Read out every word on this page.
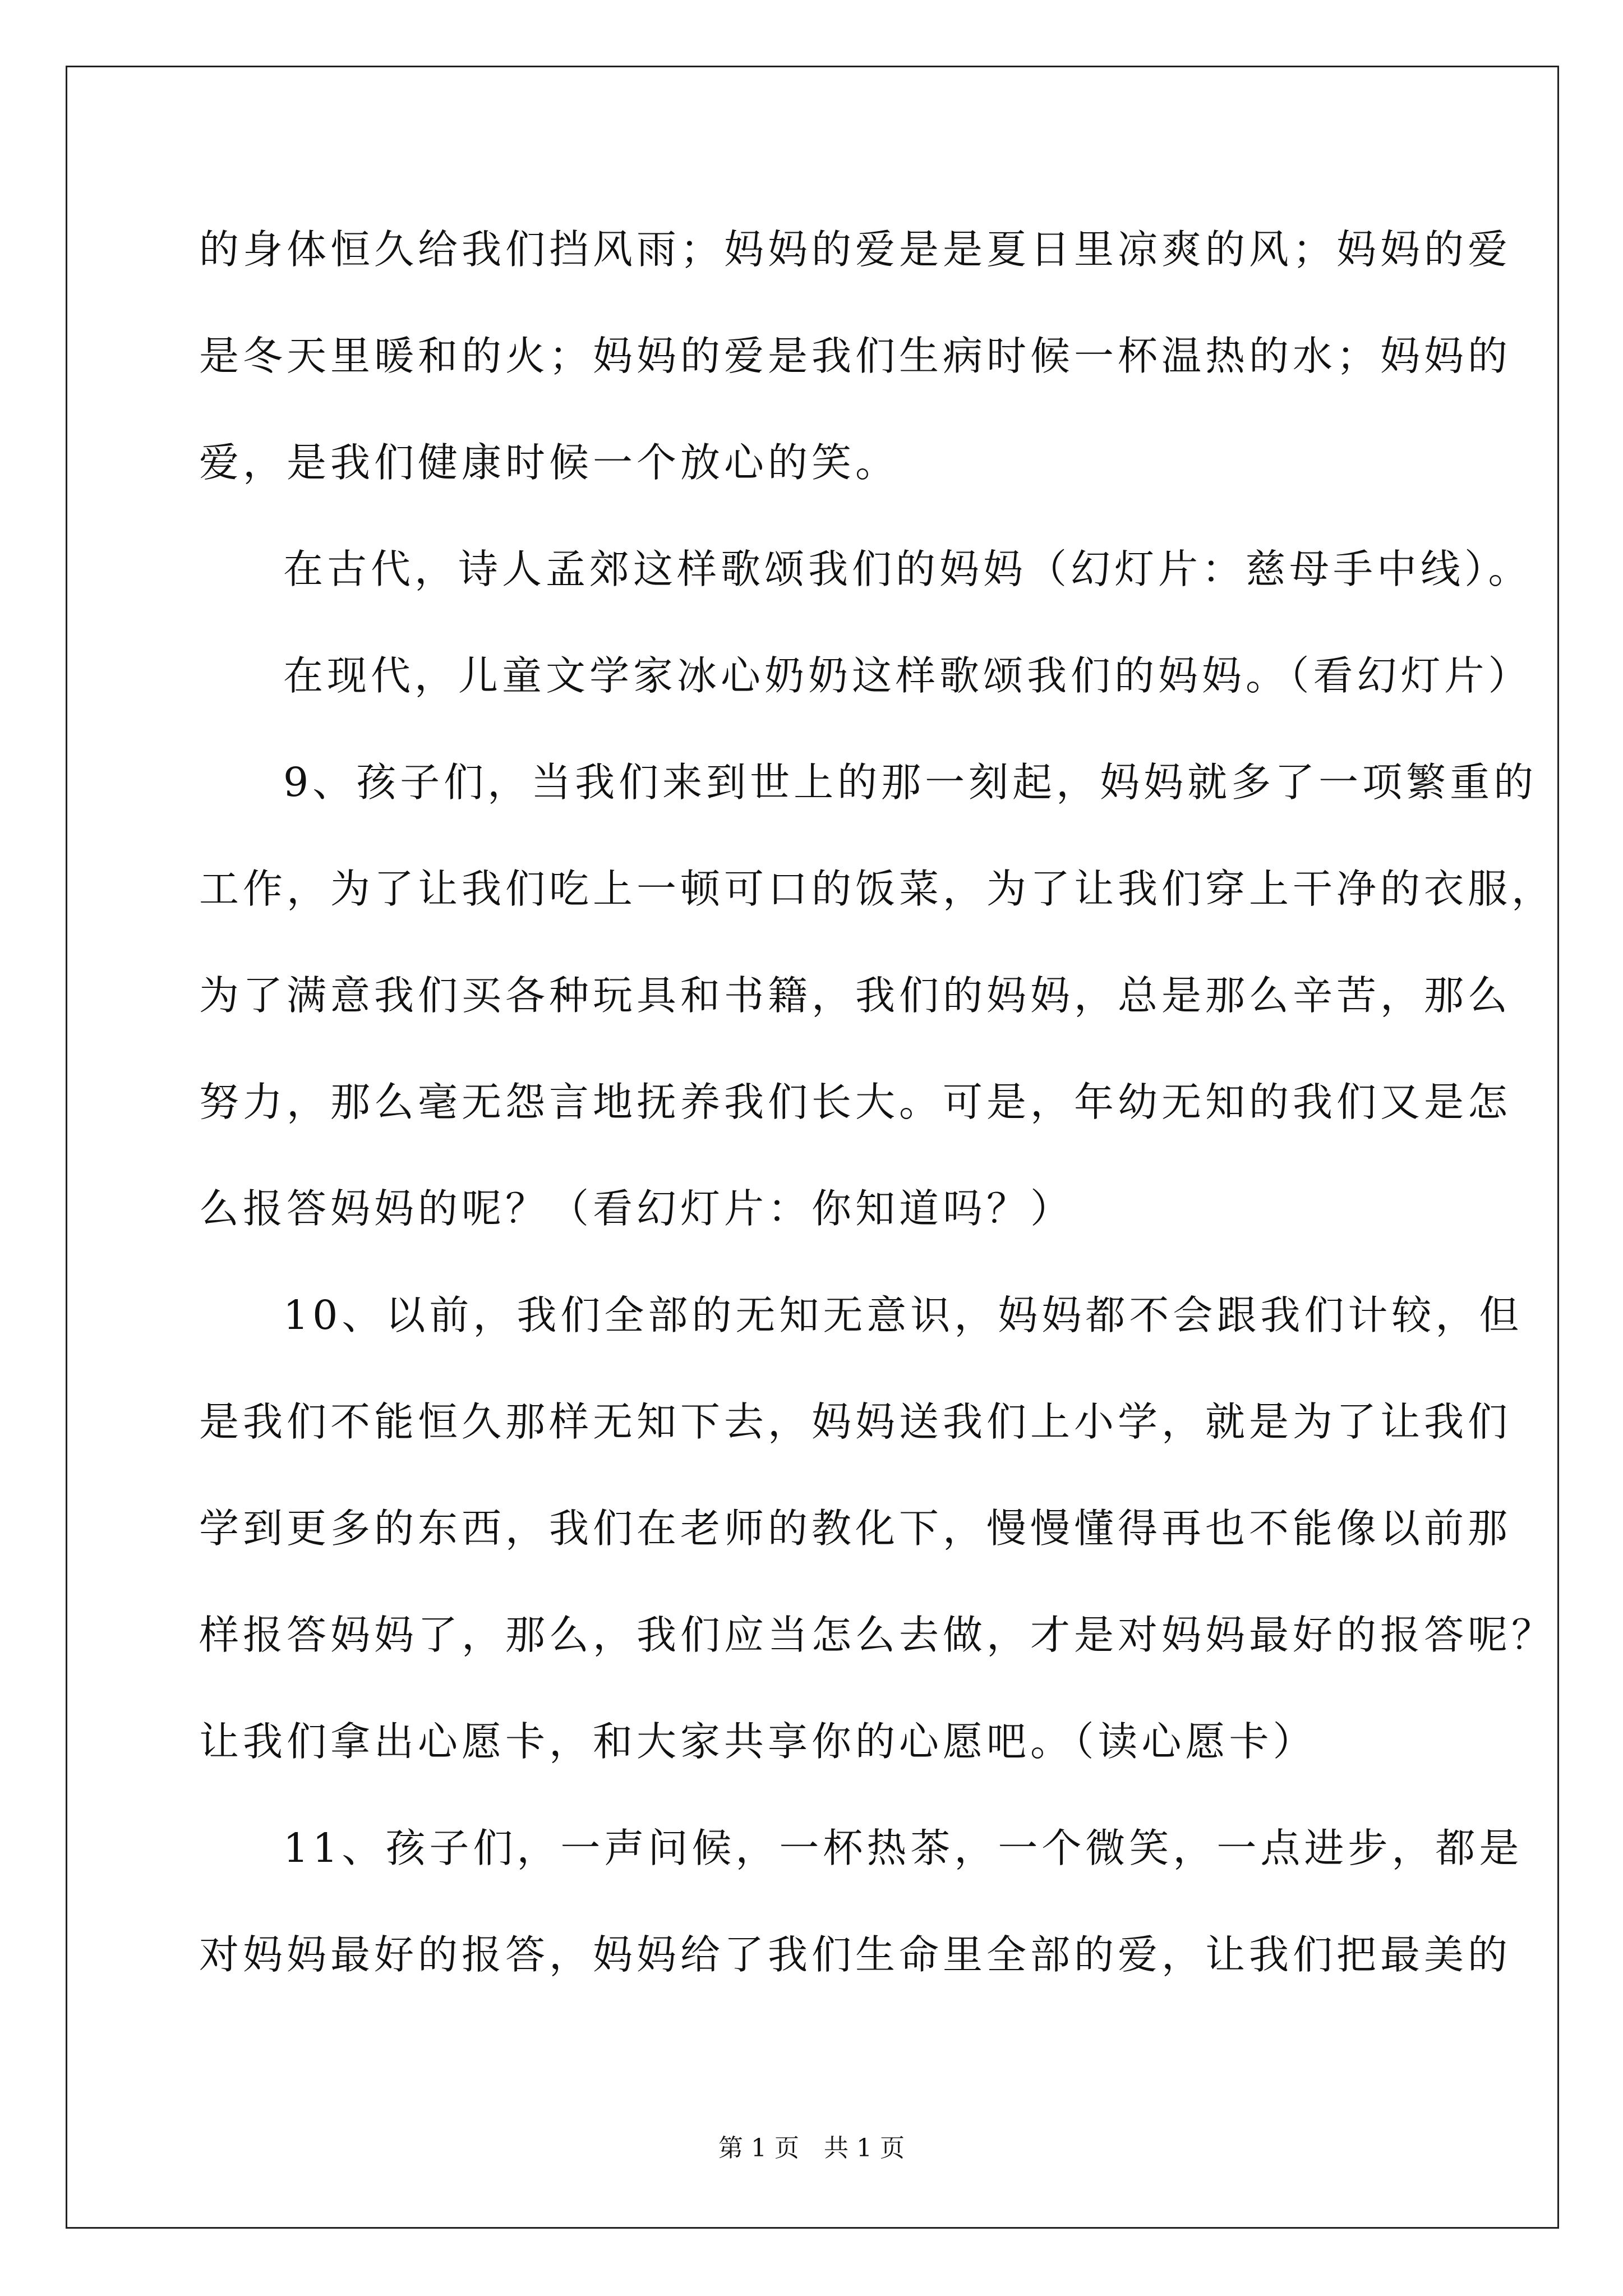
的身体恒久给我们挡风雨；妈妈的爱是是夏日里凉爽的风；妈妈的爱
是冬天里暖和的火；妈妈的爱是我们生病时候一杯温热的水；妈妈的
爱，是我们健康时候一个放心的笑。
在古代，诗人孟郊这样歌颂我们的妈妈（幻灯片：慈母手中线）。
在现代，儿童文学家冰心奶奶这样歌颂我们的妈妈。（看幻灯片）
9、孩子们，当我们来到世上的那一刻起，妈妈就多了一项繁重的
工作，为了让我们吃上一顿可口的饭菜，为了让我们穿上干净的衣服，
为了满意我们买各种玩具和书籍，我们的妈妈，总是那么辛苦，那么
努力，那么毫无怨言地抚养我们长大。可是，年幼无知的我们又是怎
么报答妈妈的呢？（看幻灯片：你知道吗？）
10、以前，我们全部的无知无意识，妈妈都不会跟我们计较，但
是我们不能恒久那样无知下去，妈妈送我们上小学，就是为了让我们
学到更多的东西，我们在老师的教化下，慢慢懂得再也不能像以前那
样报答妈妈了，那么，我们应当怎么去做，才是对妈妈最好的报答呢？
让我们拿出心愿卡，和大家共享你的心愿吧。（读心愿卡）
11、孩子们，一声问候，一杯热茶，一个微笑，一点进步，都是
对妈妈最好的报答，妈妈给了我们生命里全部的爱，让我们把最美的
第 1 页　共 1 页
